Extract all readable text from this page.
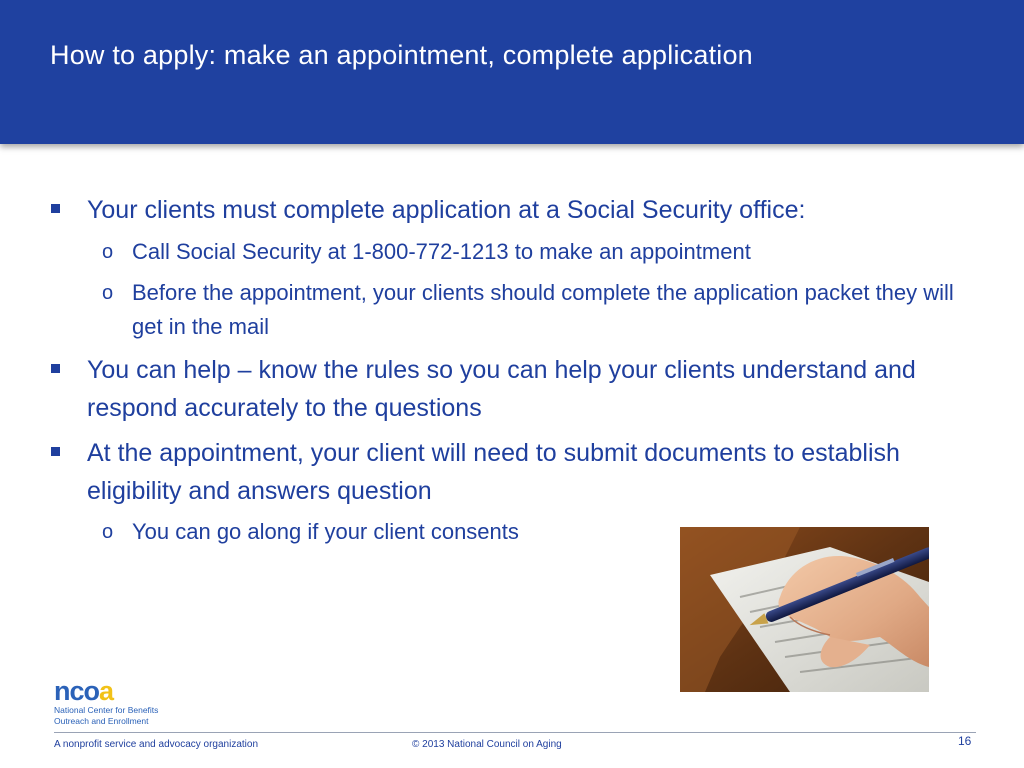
How to apply: make an appointment, complete application
Your clients must complete application at a Social Security office:
o Call Social Security at 1-800-772-1213 to make an appointment
o Before the appointment, your clients should complete the application packet they will get in the mail
You can help – know the rules so you can help your clients understand and respond accurately to the questions
At the appointment, your client will need to submit documents to establish eligibility and answers question
o You can go along if your client consents
ncoa
National Center for Benefits
Outreach and Enrollment
A nonprofit service and advocacy organization	© 2013 National Council on Aging	16
